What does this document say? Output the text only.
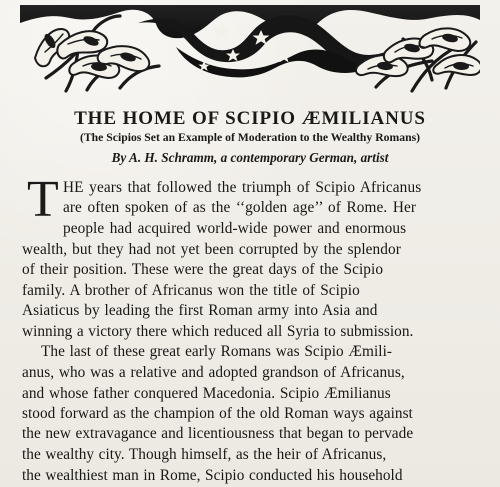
THE HOME OF SCIPIO ÆMILIANUS
(The Scipios Set an Example of Moderation to the Wealthy Romans)
By A. H. Schramm, a contemporary German, artist
T HE years that followed the triumph of Scipio Africanus
are often spoken of as the ‘‘golden age’’ of Rome. Her
people had acquired world-wide power and enormous
wealth, but they had not yet been corrupted by the splendor
of their position. These were the great days of the Scipio
family. A brother of Africanus won the title of Scipio
Asiaticus by leading the first Roman army into Asia and
winning a victory there which reduced all Syria to submission.
The last of these great early Romans was Scipio Æmili-
anus, who was a relative and adopted grandson of Africanus,
and whose father conquered Macedonia. Scipio Æmilianus
stood forward as the champion of the old Roman ways against
the new extravagance and licentiousness that began to pervade
the wealthy city. Though himself, as the heir of Africanus,
the wealthiest man in Rome, Scipio conducted his household
